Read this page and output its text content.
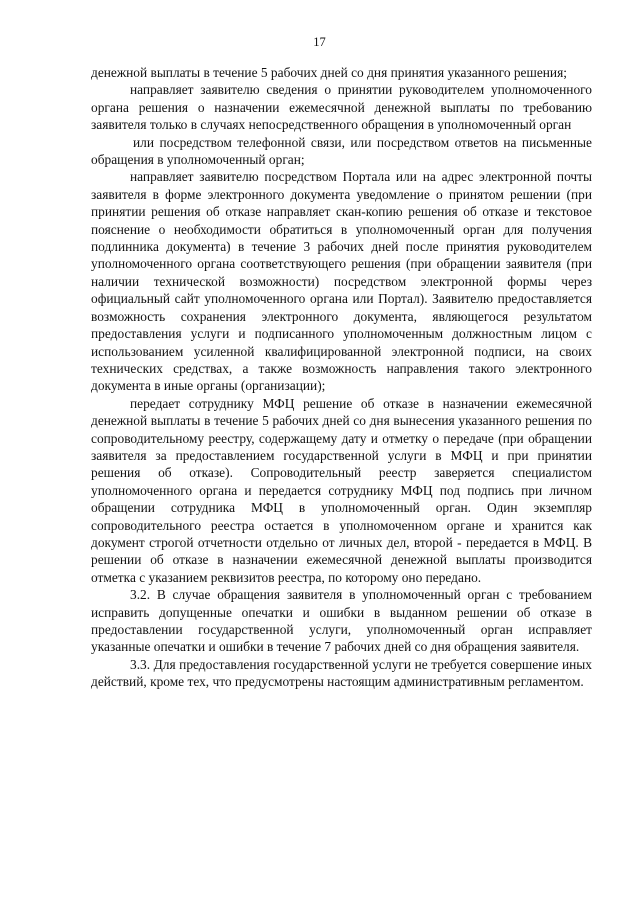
17

денежной выплаты в течение 5 рабочих дней со дня принятия указанного решения;

направляет заявителю сведения о принятии руководителем уполномоченного органа решения о назначении ежемесячной денежной выплаты по требованию заявителя только в случаях непосредственного обращения в уполномоченный орган

или посредством телефонной связи, или посредством ответов на письменные обращения в уполномоченный орган;

направляет заявителю посредством Портала или на адрес электронной почты заявителя в форме электронного документа уведомление о принятом решении (при принятии решения об отказе направляет скан-копию решения об отказе и текстовое пояснение о необходимости обратиться в уполномоченный орган для получения подлинника документа) в течение 3 рабочих дней после принятия руководителем уполномоченного органа соответствующего решения (при обращении заявителя (при наличии технической возможности) посредством электронной формы через официальный сайт уполномоченного органа или Портал). Заявителю предоставляется возможность сохранения электронного документа, являющегося результатом предоставления услуги и подписанного уполномоченным должностным лицом с использованием усиленной квалифицированной электронной подписи, на своих технических средствах, а также возможность направления такого электронного документа в иные органы (организации);

передает сотруднику МФЦ решение об отказе в назначении ежемесячной денежной выплаты в течение 5 рабочих дней со дня вынесения указанного решения по сопроводительному реестру, содержащему дату и отметку о передаче (при обращении заявителя за предоставлением государственной услуги в МФЦ и при принятии решения об отказе). Сопроводительный реестр заверяется специалистом уполномоченного органа и передается сотруднику МФЦ под подпись при личном обращении сотрудника МФЦ в уполномоченный орган. Один экземпляр сопроводительного реестра остается в уполномоченном органе и хранится как документ строгой отчетности отдельно от личных дел, второй - передается в МФЦ. В решении об отказе в назначении ежемесячной денежной выплаты производится отметка с указанием реквизитов реестра, по которому оно передано.

3.2. В случае обращения заявителя в уполномоченный орган с требованием исправить допущенные опечатки и ошибки в выданном решении об отказе в предоставлении государственной услуги, уполномоченный орган исправляет указанные опечатки и ошибки в течение 7 рабочих дней со дня обращения заявителя.

3.3. Для предоставления государственной услуги не требуется совершение иных действий, кроме тех, что предусмотрены настоящим административным регламентом.
